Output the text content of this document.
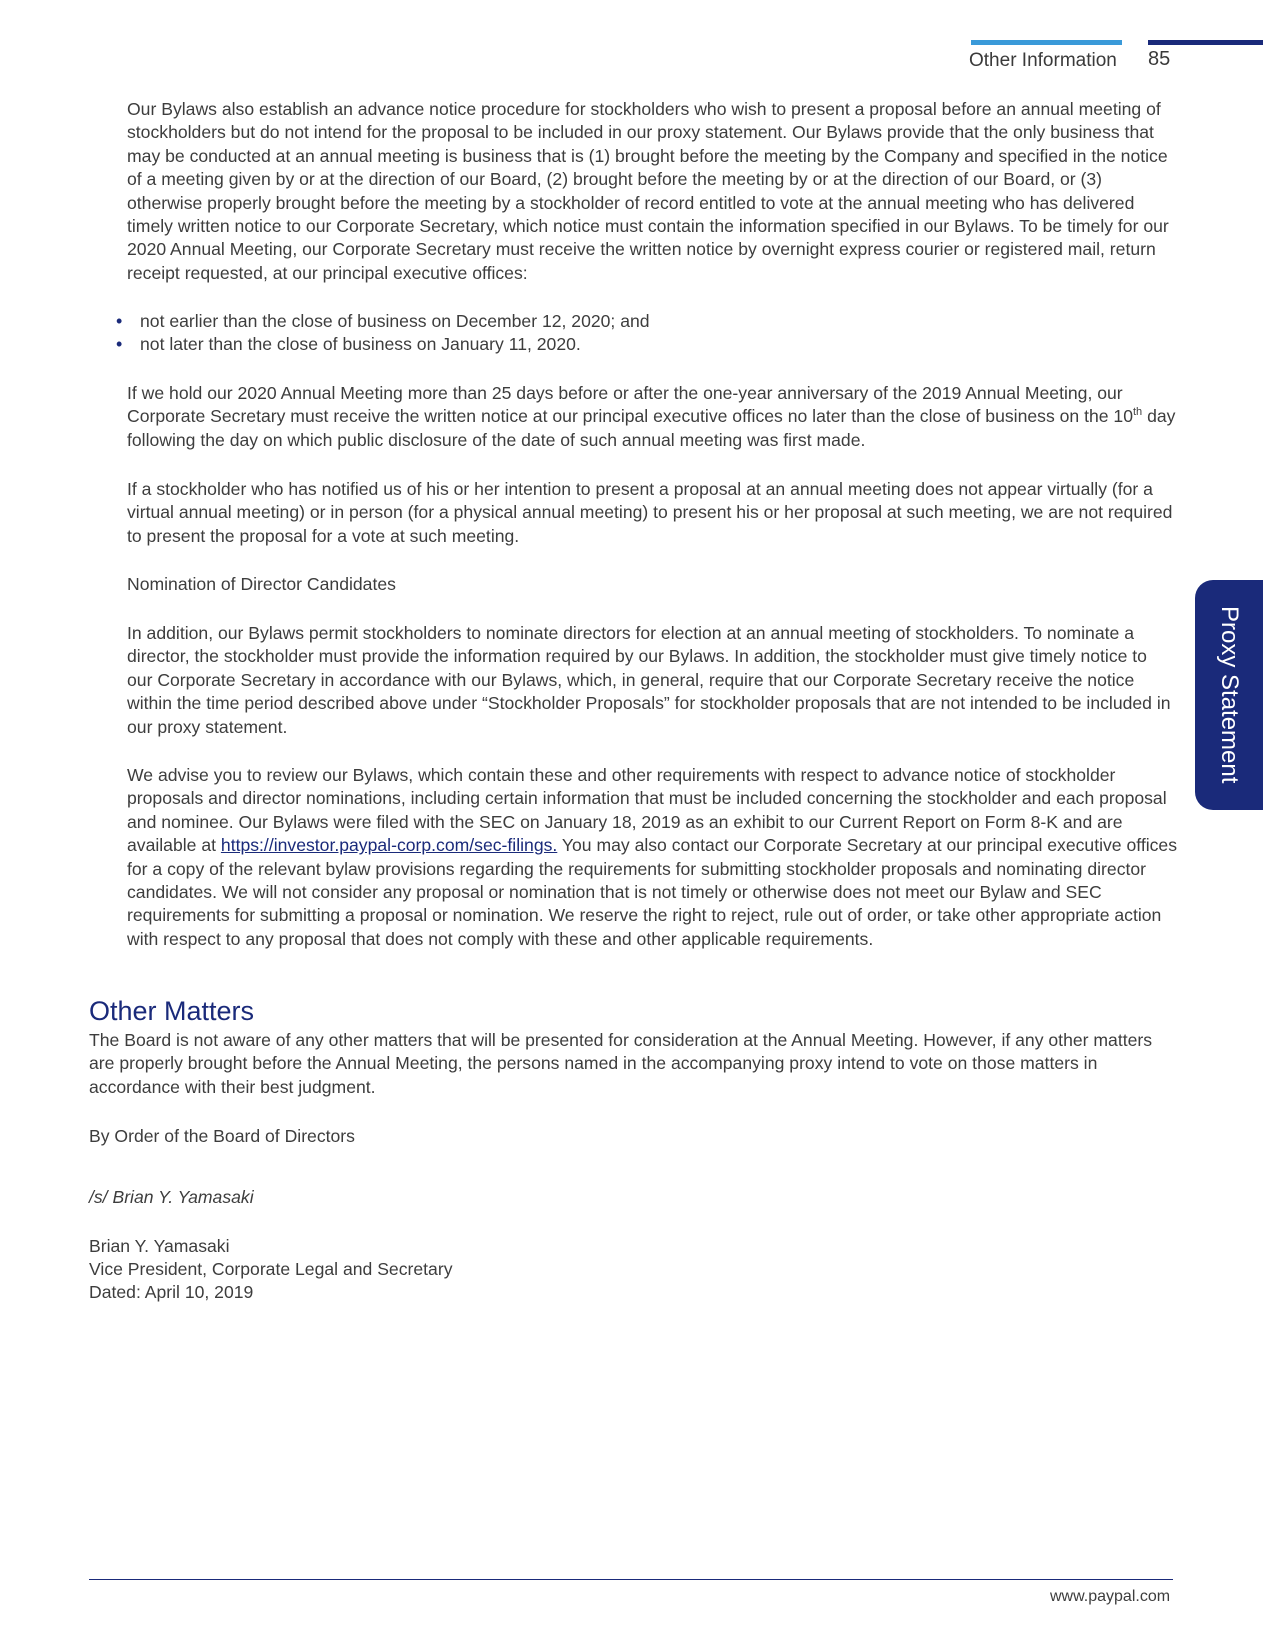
Other Information 85
Proxy Statement
Our Bylaws also establish an advance notice procedure for stockholders who wish to present a proposal before an annual meeting of stockholders but do not intend for the proposal to be included in our proxy statement. Our Bylaws provide that the only business that may be conducted at an annual meeting is business that is (1) brought before the meeting by the Company and specified in the notice of a meeting given by or at the direction of our Board, (2) brought before the meeting by or at the direction of our Board, or (3) otherwise properly brought before the meeting by a stockholder of record entitled to vote at the annual meeting who has delivered timely written notice to our Corporate Secretary, which notice must contain the information specified in our Bylaws. To be timely for our 2020 Annual Meeting, our Corporate Secretary must receive the written notice by overnight express courier or registered mail, return receipt requested, at our principal executive offices:
• not earlier than the close of business on December 12, 2020; and
• not later than the close of business on January 11, 2020.
If we hold our 2020 Annual Meeting more than 25 days before or after the one-year anniversary of the 2019 Annual Meeting, our Corporate Secretary must receive the written notice at our principal executive offices no later than the close of business on the 10th day following the day on which public disclosure of the date of such annual meeting was first made.
If a stockholder who has notified us of his or her intention to present a proposal at an annual meeting does not appear virtually (for a virtual annual meeting) or in person (for a physical annual meeting) to present his or her proposal at such meeting, we are not required to present the proposal for a vote at such meeting.
Nomination of Director Candidates
In addition, our Bylaws permit stockholders to nominate directors for election at an annual meeting of stockholders. To nominate a director, the stockholder must provide the information required by our Bylaws. In addition, the stockholder must give timely notice to our Corporate Secretary in accordance with our Bylaws, which, in general, require that our Corporate Secretary receive the notice within the time period described above under “Stockholder Proposals” for stockholder proposals that are not intended to be included in our proxy statement.
We advise you to review our Bylaws, which contain these and other requirements with respect to advance notice of stockholder proposals and director nominations, including certain information that must be included concerning the stockholder and each proposal and nominee. Our Bylaws were filed with the SEC on January 18, 2019 as an exhibit to our Current Report on Form 8-K and are available at https://investor.paypal-corp.com/sec-filings. You may also contact our Corporate Secretary at our principal executive offices for a copy of the relevant bylaw provisions regarding the requirements for submitting stockholder proposals and nominating director candidates. We will not consider any proposal or nomination that is not timely or otherwise does not meet our Bylaw and SEC requirements for submitting a proposal or nomination. We reserve the right to reject, rule out of order, or take other appropriate action with respect to any proposal that does not comply with these and other applicable requirements.
Other Matters
The Board is not aware of any other matters that will be presented for consideration at the Annual Meeting. However, if any other matters are properly brought before the Annual Meeting, the persons named in the accompanying proxy intend to vote on those matters in accordance with their best judgment.
By Order of the Board of Directors
/s/ Brian Y. Yamasaki
Brian Y. Yamasaki
Vice President, Corporate Legal and Secretary
Dated: April 10, 2019
www.paypal.com
